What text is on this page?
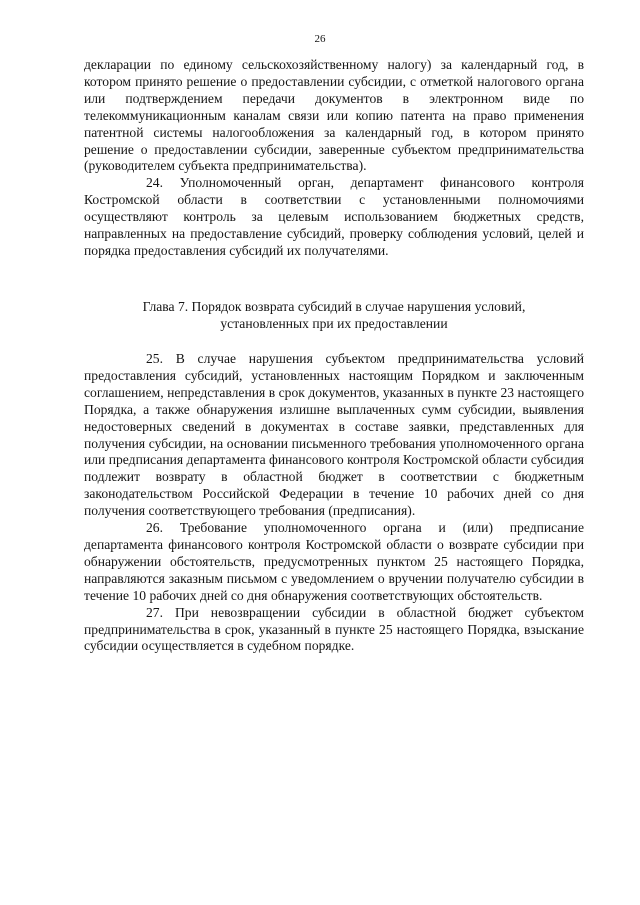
26

декларации по единому сельскохозяйственному налогу) за календарный год, в котором принято решение о предоставлении субсидии, с отметкой налогового органа или подтверждением передачи документов в электронном виде по телекоммуникационным каналам связи или копию патента на право применения патентной системы налогообложения за календарный год, в котором принято решение о предоставлении субсидии, заверенные субъектом предпринимательства (руководителем субъекта предпринимательства).

24. Уполномоченный орган, департамент финансового контроля Костромской области в соответствии с установленными полномочиями осуществляют контроль за целевым использованием бюджетных средств, направленных на предоставление субсидий, проверку соблюдения условий, целей и порядка предоставления субсидий их получателями.

Глава 7. Порядок возврата субсидий в случае нарушения условий,
установленных при их предоставлении

25. В случае нарушения субъектом предпринимательства условий предоставления субсидий, установленных настоящим Порядком и заключенным соглашением, непредставления в срок документов, указанных в пункте 23 настоящего Порядка, а также обнаружения излишне выплаченных сумм субсидии, выявления недостоверных сведений в документах в составе заявки, представленных для получения субсидии, на основании письменного требования уполномоченного органа или предписания департамента финансового контроля Костромской области субсидия подлежит возврату в областной бюджет в соответствии с бюджетным законодательством Российской Федерации в течение 10 рабочих дней со дня получения соответствующего требования (предписания).

26. Требование уполномоченного органа и (или) предписание департамента финансового контроля Костромской области о возврате субсидии при обнаружении обстоятельств, предусмотренных пунктом 25 настоящего Порядка, направляются заказным письмом с уведомлением о вручении получателю субсидии в течение 10 рабочих дней со дня обнаружения соответствующих обстоятельств.

27. При невозвращении субсидии в областной бюджет субъектом предпринимательства в срок, указанный в пункте 25 настоящего Порядка, взыскание субсидии осуществляется в судебном порядке.
